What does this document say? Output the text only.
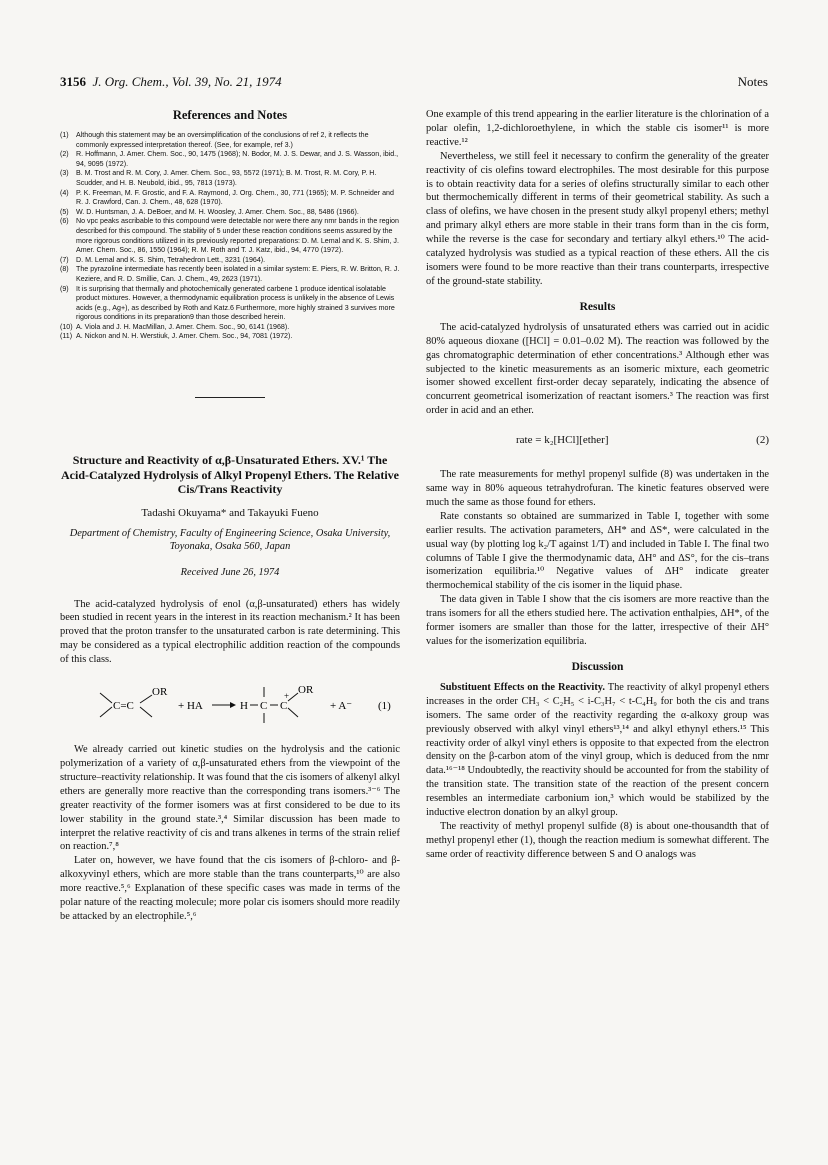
3156 J. Org. Chem., Vol. 39, No. 21, 1974	Notes
References and Notes
(1)	Although this statement may be an oversimplification of the conclusions of ref 2, it reflects the commonly expressed interpretation thereof. (See, for example, ref 3.)
(2)	R. Hoffmann, J. Amer. Chem. Soc., 90, 1475 (1968); N. Bodor, M. J. S. Dewar, and J. S. Wasson, ibid., 94, 9095 (1972).
(3)	B. M. Trost and R. M. Cory, J. Amer. Chem. Soc., 93, 5572 (1971); B. M. Trost, R. M. Cory, P. H. Scudder, and H. B. Neubold, ibid., 95, 7813 (1973).
(4)	P. K. Freeman, M. F. Grostic, and F. A. Raymond, J. Org. Chem., 30, 771 (1965); M. P. Schneider and R. J. Crawford, Can. J. Chem., 48, 628 (1970).
(5)	W. D. Huntsman, J. A. DeBoer, and M. H. Woosley, J. Amer. Chem. Soc., 88, 5486 (1966).
(6)	No vpc peaks ascribable to this compound were detectable nor were there any nmr bands in the region described for this compound. The stability of 5 under these reaction conditions seems assured by the more rigorous conditions utilized in its previously reported preparations: D. M. Lemal and K. S. Shim, J. Amer. Chem. Soc., 86, 1550 (1964); R. M. Roth and T. J. Katz, ibid., 94, 4770 (1972).
(7)	D. M. Lemal and K. S. Shim, Tetrahedron Lett., 3231 (1964).
(8)	The pyrazoline intermediate has recently been isolated in a similar system: E. Piers, R. W. Britton, R. J. Keziere, and R. D. Smillie, Can. J. Chem., 49, 2623 (1971).
(9)	It is surprising that thermally and photochemically generated carbene 1 produce identical isolatable product mixtures. However, a thermodynamic equilibration process is unlikely in the absence of Lewis acids (e.g., Ag+), as described by Roth and Katz.6 Furthermore, more highly strained 3 survives more rigorous conditions in its preparation9 than those described herein.
(10) A. Viola and J. H. MacMillan, J. Amer. Chem. Soc., 90, 6141 (1968).
(11) A. Nickon and N. H. Werstiuk, J. Amer. Chem. Soc., 94, 7081 (1972).
Structure and Reactivity of α,β-Unsaturated Ethers. XV.¹ The Acid-Catalyzed Hydrolysis of Alkyl Propenyl Ethers. The Relative Cis/Trans Reactivity
Tadashi Okuyama* and Takayuki Fueno
Department of Chemistry, Faculty of Engineering Science, Osaka University, Toyonaka, Osaka 560, Japan
Received June 26, 1974

The acid-catalyzed hydrolysis of enol (α,β-unsaturated) ethers has widely been studied in recent years in the interest in its reaction mechanism.² It has been proved that the proton transfer to the unsaturated carbon is rate determining. This may be considered as a typical electrophilic addition reaction of the compounds of this class.

C=C
OR
+ HA	H C C
+ OR
+ A⁻ (1)

We already carried out kinetic studies on the hydrolysis and the cationic polymerization of a variety of α,β-unsaturated ethers from the viewpoint of the structure–reactivity relationship. It was found that the cis isomers of alkenyl alkyl ethers are generally more reactive than the corresponding trans isomers.³⁻⁶ The greater reactivity of the former isomers was at first considered to be due to its lower stability in the ground state.³,⁴ Similar discussion has been made to interpret the relative reactivity of cis and trans alkenes in terms of the strain relief on reaction.⁷,⁸

Later on, however, we have found that the cis isomers of β-chloro- and β-alkoxyvinyl ethers, which are more stable than the trans counterparts,¹⁰ are also more reactive.⁵,⁶ Explanation of these specific cases was made in terms of the polar nature of the reacting molecule; more polar cis isomers should more readily be attacked by an electrophile.⁵,⁶

One example of this trend appearing in the earlier literature is the chlorination of a polar olefin, 1,2-dichloroethylene, in which the stable cis isomer¹¹ is more reactive.¹²

Nevertheless, we still feel it necessary to confirm the generality of the greater reactivity of cis olefins toward electrophiles. The most desirable for this purpose is to obtain reactivity data for a series of olefins structurally similar to each other but thermochemically different in terms of their geometrical stability. As such a class of olefins, we have chosen in the present study alkyl propenyl ethers; methyl and primary alkyl ethers are more stable in their trans form than in the cis form, while the reverse is the case for secondary and tertiary alkyl ethers.¹⁰ The acid-catalyzed hydrolysis was studied as a typical reaction of these ethers. All the cis isomers were found to be more reactive than their trans counterparts, irrespective of the ground-state stability.

Results

The acid-catalyzed hydrolysis of unsaturated ethers was carried out in acidic 80% aqueous dioxane ([HCl] = 0.01–0.02 M). The reaction was followed by the gas chromatographic determination of ether concentrations.³ Although ether was subjected to the kinetic measurements as an isomeric mixture, each geometric isomer showed excellent first-order decay separately, indicating the absence of concurrent geometrical isomerization of reactant isomers.³ The reaction was first order in acid and an ether.

rate = k₂[HCl][ether]	(2)

The rate measurements for methyl propenyl sulfide (8) was undertaken in the same way in 80% aqueous tetrahydrofuran. The kinetic features observed were much the same as those found for ethers.

Rate constants so obtained are summarized in Table I, together with some earlier results. The activation parameters, ΔH* and ΔS*, were calculated in the usual way (by plotting log k₂/T against 1/T) and included in Table I. The final two columns of Table I give the thermodynamic data, ΔH° and ΔS°, for the cis–trans isomerization equilibria.¹⁰ Negative values of ΔH° indicate greater thermochemical stability of the cis isomer in the liquid phase.

The data given in Table I show that the cis isomers are more reactive than the trans isomers for all the ethers studied here. The activation enthalpies, ΔH*, of the former isomers are smaller than those for the latter, irrespective of their ΔH° values for the isomerization equilibria.

Discussion

Substituent Effects on the Reactivity. The reactivity of alkyl propenyl ethers increases in the order CH₃ < C₂H₅ < i-C₃H₇ < t-C₄H₉ for both the cis and trans isomers. The same order of the reactivity regarding the α-alkoxy group was previously observed with alkyl vinyl ethers¹³,¹⁴ and alkyl ethynyl ethers.¹⁵ This reactivity order of alkyl vinyl ethers is opposite to that expected from the electron density on the β-carbon atom of the vinyl group, which is deduced from the nmr data.¹⁶⁻¹⁸ Undoubtedly, the reactivity should be accounted for from the stability of the transition state. The transition state of the reaction of the present concern resembles an intermediate carbonium ion,³ which would be stabilized by the inductive electron donation by an alkyl group.

The reactivity of methyl propenyl sulfide (8) is about one-thousandth that of methyl propenyl ether (1), though the reaction medium is somewhat different. The same order of reactivity difference between S and O analogs was
